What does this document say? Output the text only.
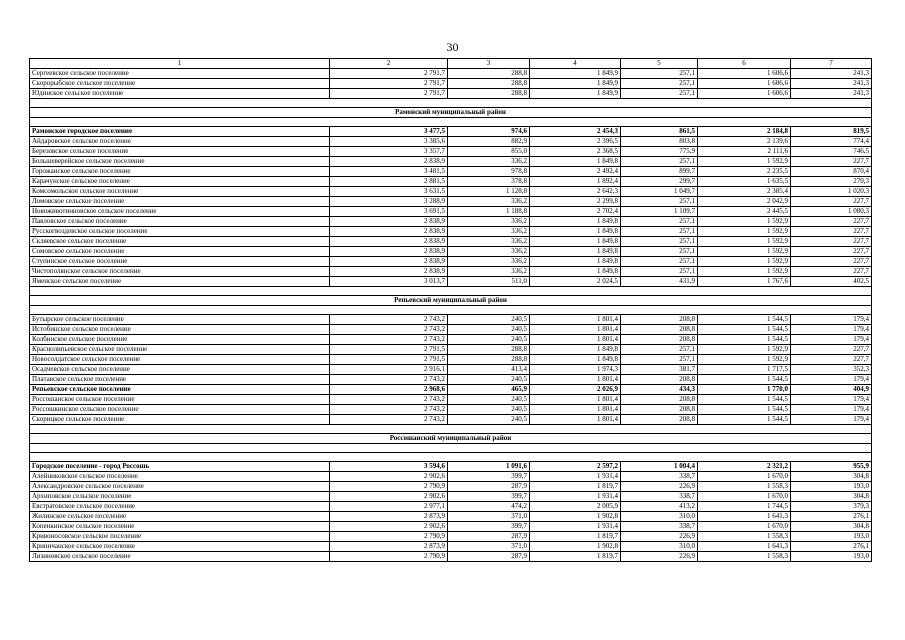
30
1	2	3	4	5	6	7
Сергеевское сельское поселение	2 791,7	288,8	1 849,9	257,1	1 606,6	241,3
Скорорыбское сельское поселение	2 791,7	288,8	1 849,9	257,1	1 606,6	241,3
Юдинское сельское поселение	2 791,7	288,8	1 849,9	257,1	1 606,6	241,3

Рамонский муниципальный район						

Рамонское городское поселение	3 477,5	974,6	2 454,3	861,5	2 184,8	819,5
Айдаровское сельское поселение	3 385,6	882,9	2 396,5	803,8	2 139,6	774,4
Березовское сельское поселение	3 357,7	855,0	2 368,5	775,9	2 111,6	746,5
Большеверейское сельское поселение	2 838,9	336,2	1 849,8	257,1	1 592,9	227,7
Горожанское сельское поселение	3 481,5	978,8	2 492,4	899,7	2 235,5	870,4
Карачунское сельское поселение	2 881,5	378,8	1 892,4	299,7	1 635,5	270,3
Комсомольское сельское поселение	3 631,5	1 128,8	2 642,3	1 049,7	2 385,4	1 020,3
Ломовское сельское поселение	3 288,9	336,2	2 299,8	257,1	2 042,9	227,7
Новоживотинновское сельское поселение	3 691,5	1 188,8	2 702,4	1 109,7	2 445,5	1 080,3
Павловское сельское поселение	2 838,9	336,2	1 849,8	257,1	1 592,9	227,7
Русскогвоздевское сельское поселение	2 838,9	336,2	1 849,8	257,1	1 592,9	227,7
Скляевское сельское поселение	2 838,9	336,2	1 849,8	257,1	1 592,9	227,7
Сомовское сельское поселение	2 838,9	336,2	1 849,8	257,1	1 592,9	227,7
Ступинское сельское поселение	2 838,9	336,2	1 849,8	257,1	1 592,9	227,7
Чистополянское сельское поселение	2 838,9	336,2	1 849,8	257,1	1 592,9	227,7
Яменское сельское поселение	3 013,7	511,0	2 024,5	431,9	1 767,6	402,5

Репьевский муниципальный район						

Бутырское сельское поселение	2 743,2	240,5	1 801,4	208,8	1 544,5	179,4
Истобинское сельское поселение	2 743,2	240,5	1 801,4	208,8	1 544,5	179,4
Колбинское сельское поселение	2 743,2	240,5	1 801,4	208,8	1 544,5	179,4
Краснолипьевское сельское поселение	2 791,5	288,8	1 849,8	257,1	1 592,9	227,7
Новосолдатское сельское поселение	2 791,5	288,8	1 849,8	257,1	1 592,9	227,7
Осадчевское сельское поселение	2 916,1	413,4	1 974,3	381,7	1 717,5	352,3
Платавское сельское поселение	2 743,2	240,5	1 801,4	208,8	1 544,5	179,4
Репьевское сельское поселение	2 968,6	465,9	2 026,9	434,3	1 770,0	404,9
Россошанское сельское поселение	2 743,2	240,5	1 801,4	208,8	1 544,5	179,4
Россошкинское сельское поселение	2 743,2	240,5	1 801,4	208,8	1 544,5	179,4
Скорицкое сельское поселение	2 743,2	240,5	1 801,4	208,8	1 544,5	179,4

Россошанский муниципальный район						

Городское поселение - город Россошь	3 594,6	1 091,6	2 597,2	1 004,4	2 321,2	955,9
Алейниковское сельское поселение	2 902,6	399,7	1 931,4	338,7	1 670,0	304,8
Александровское сельское поселение	2 790,9	287,9	1 819,7	226,9	1 558,3	193,0
Архиповское сельское поселение	2 902,6	399,7	1 931,4	338,7	1 670,0	304,8
Евстратовское сельское поселение	2 977,1	474,2	2 005,9	413,2	1 744,5	379,3
Жилинское сельское поселение	2 873,9	371,0	1 902,8	310,0	1 641,3	276,1
Копенкинское сельское поселение	2 902,6	399,7	1 931,4	338,7	1 670,0	304,8
Кривоносовское сельское поселение	2 790,9	287,9	1 819,7	226,9	1 558,3	193,0
Криничанское сельское поселение	2 873,9	371,0	1 902,8	310,0	1 641,3	276,1
Лизиновское сельское поселение	2 790,9	287,9	1 819,7	226,9	1 558,3	193,0
